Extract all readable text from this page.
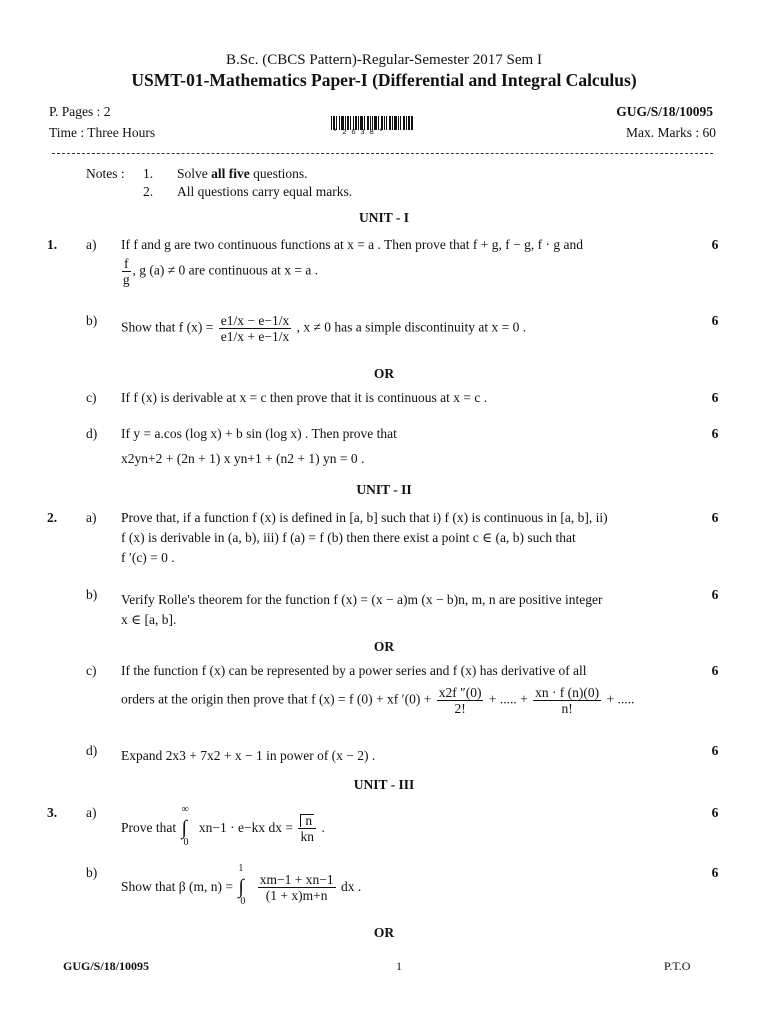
B.Sc. (CBCS Pattern)-Regular-Semester 2017 Sem I
USMT-01-Mathematics Paper-I (Differential and Integral Calculus)
P. Pages : 2	GUG/S/18/10095
Time : Three Hours	Max. Marks : 60
*2638*
Notes : 1. Solve all five questions.
2. All questions carry equal marks.
UNIT - I
1. a) If f and g are two continuous functions at x = a . Then prove that f + g, f − g, f · g and	6
$\frac{f}{g}$ , g (a) ≠ 0 are continuous at x = a .
b) Show that f $(x) = \frac{e1/x - e-1/x}{e1/x + e-1/x}$ , x ≠ 0 has a simple discontinuity at x = 0 .	6
OR
c) If f (x) is derivable at x = c then prove that it is continuous at x = c .	6
d) If y = a.cos (log x) + b sin (log x) . Then prove that	6
x2yn+2 + (2n + 1) x yn+1 + (n2 + 1) yn = 0 .
UNIT - II
2. a) Prove that, if a function f (x) is defined in [a, b] such that i) f (x) is continuous in [a, b], ii)	6
f (x) is derivable in (a, b), iii) f (a) = f (b) then there exist a point c ∈ (a, b) such that
f ′(c) = 0 .
b) Verify Rolle's theorem for the function f (x) = (x − a)m (x − b)n, m, n are positive integer	6
x ∈ [a, b].
OR
c) If the function f (x) can be represented by a power series and f (x) has derivative of all	6
orders at the origin then prove that f (x) = f (0) + xf $'(0) + \frac{x2f ''(0)}{2!}$ + ..... + $\frac{xn \cdot f (n)(0)}{n!}$ + .....
d) Expand 2x3 + 7x2 + x − 1 in power of (x − 2) .	6
UNIT - III
3. a)	6
Prove that
∞
∫
0
xn−1 · e−kx dx = $\frac{n}{kn}$ .
b)	6
Show that β (m, n) =
1
∫
0
$\frac{xm-1 + xn-1}{(1 + x)m+n}$ dx .
OR
GUG/S/18/10095	1	P.T.O
